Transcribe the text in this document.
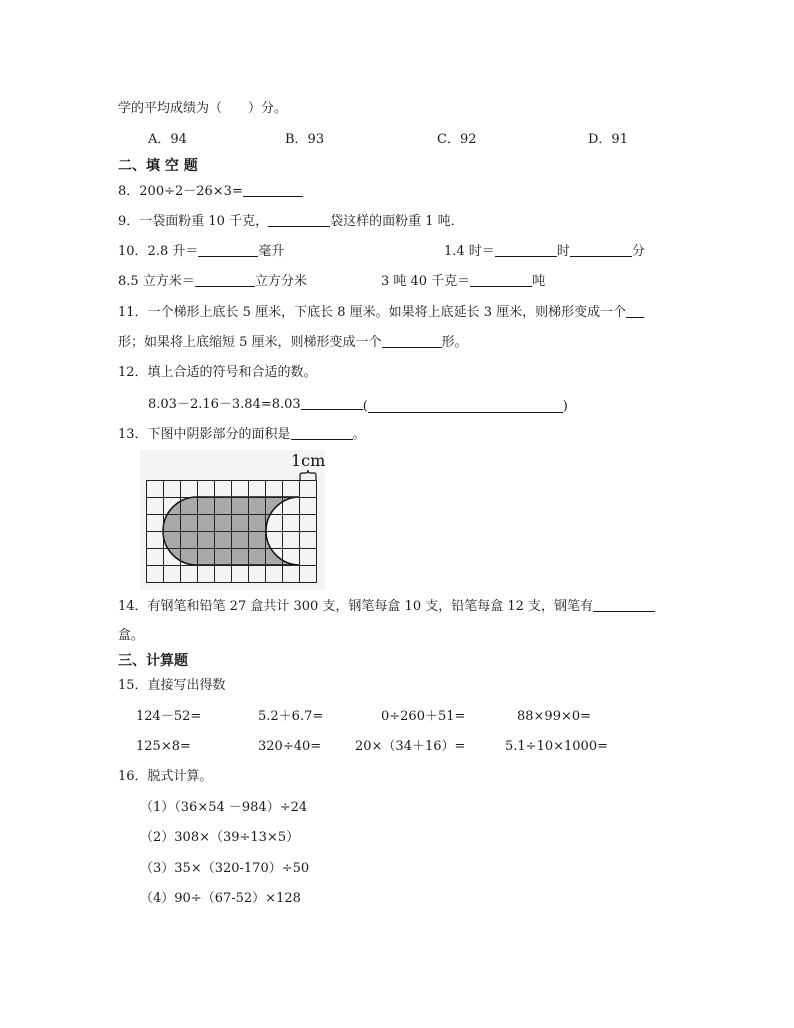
学的平均成绩为（　　）分。
A．94	B．93	C．92	D．91
二、填 空 题
8．200÷2－26×3=
9．一袋面粉重 10 千克，	袋这样的面粉重 1 吨．
10．2.8 升＝	毫升	1.4 时＝	时	分
8.5 立方米＝	立方分米	3 吨 40 千克＝	吨
11．一个梯形上底长 5 厘米，下底长 8 厘米。如果将上底延长 3 厘米，则梯形变成一个
形；如果将上底缩短 5 厘米，则梯形变成一个	形。
12．填上合适的符号和合适的数。
8.03－2.16－3.84=8.03	(	)
13．下图中阴影部分的面积是	。
1cm
14．有钢笔和铅笔 27 盒共计 300 支，钢笔每盒 10 支，铅笔每盒 12 支，钢笔有
盒。
三、计算题
15．直接写出得数
124－52=	5.2＋6.7=	0÷260＋51=	88×99×0=
125×8=	320÷40=	20×（34＋16）=	5.1÷10×1000=
16．脱式计算。
（1）（36×54 －984）÷24
（2）308×（39÷13×5）
（3）35×（320-170）÷50
（4）90÷（67-52）×128
